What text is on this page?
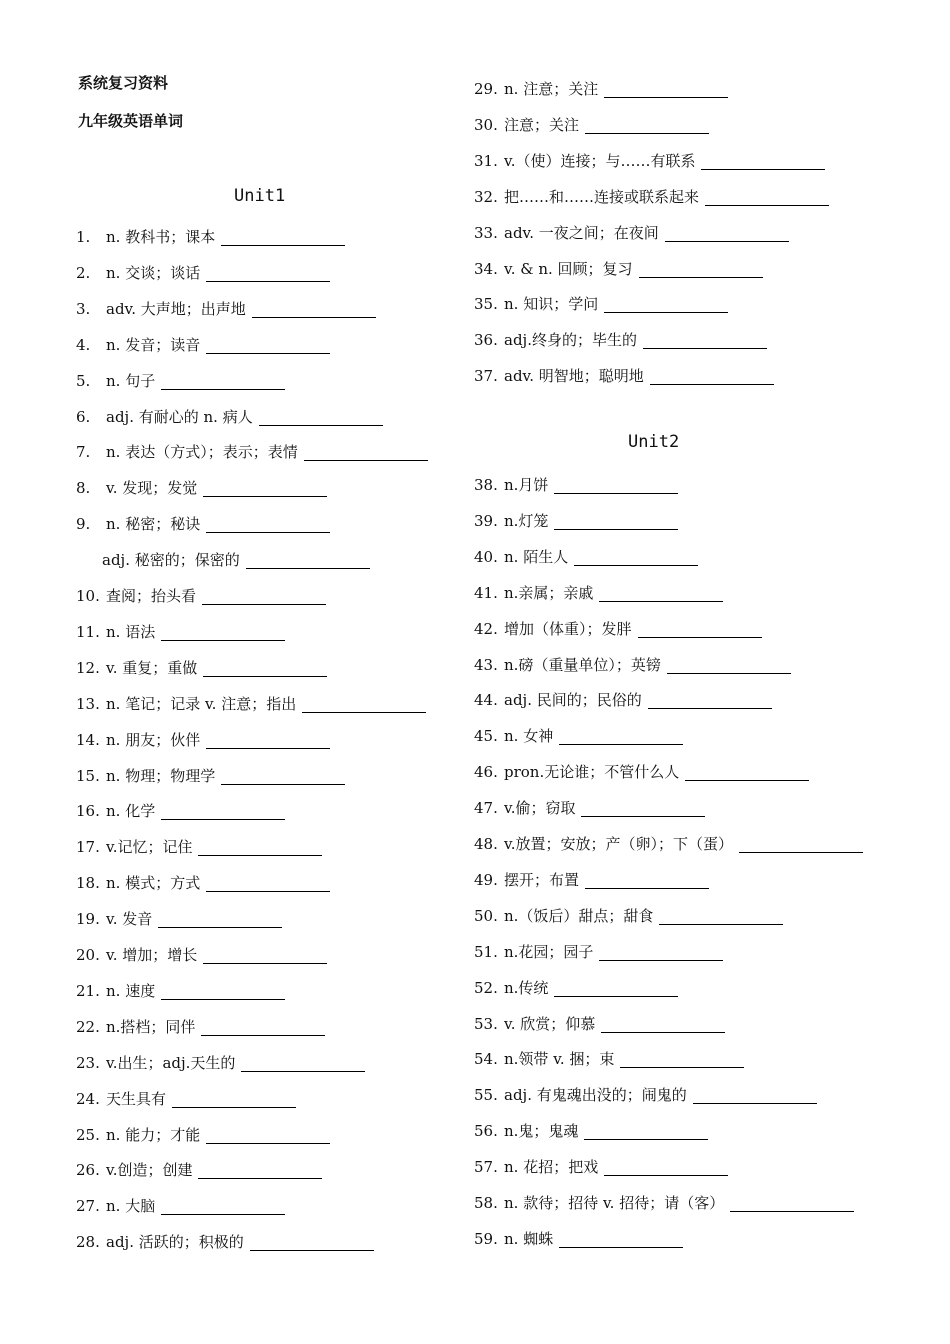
系统复习资料
九年级英语单词
Unit1
Unit2
1.	n. 教科书；课本
2.	n. 交谈；谈话
3.	adv. 大声地；出声地
4.	n. 发音；读音
5.	n. 句子
6.	adj. 有耐心的 n. 病人
7.	n. 表达（方式）；表示；表情
8.	v. 发现；发觉
9.	n. 秘密；秘诀
adj. 秘密的；保密的
10. 查阅；抬头看
11. n. 语法
12. v. 重复；重做
13. n. 笔记；记录 v. 注意；指出
14. n. 朋友；伙伴
15. n. 物理；物理学
16. n. 化学
17. v.记忆；记住
18. n. 模式；方式
19. v. 发音
20. v. 增加；增长
21. n. 速度
22. n.搭档；同伴
23. v.出生；adj.天生的
24. 天生具有
25. n. 能力；才能
26. v.创造；创建
27. n. 大脑
28. adj. 活跃的；积极的
29. n. 注意；关注
30. 注意；关注
31. v.（使）连接；与……有联系
32. 把……和……连接或联系起来
33. adv. 一夜之间；在夜间
34. v. & n. 回顾；复习
35. n. 知识；学问
36. adj.终身的；毕生的
37. adv. 明智地；聪明地
38. n.月饼
39. n.灯笼
40. n. 陌生人
41. n.亲属；亲戚
42. 增加（体重）；发胖
43. n.磅（重量单位）；英镑
44. adj. 民间的；民俗的
45. n. 女神
46. pron.无论谁；不管什么人
47. v.偷；窃取
48. v.放置；安放；产（卵）；下（蛋）
49. 摆开；布置
50. n.（饭后）甜点；甜食
51. n.花园；园子
52. n.传统
53. v. 欣赏；仰慕
54. n.领带 v. 捆；束
55. adj. 有鬼魂出没的；闹鬼的
56. n.鬼；鬼魂
57. n. 花招；把戏
58. n. 款待；招待 v. 招待；请（客）
59. n. 蜘蛛
